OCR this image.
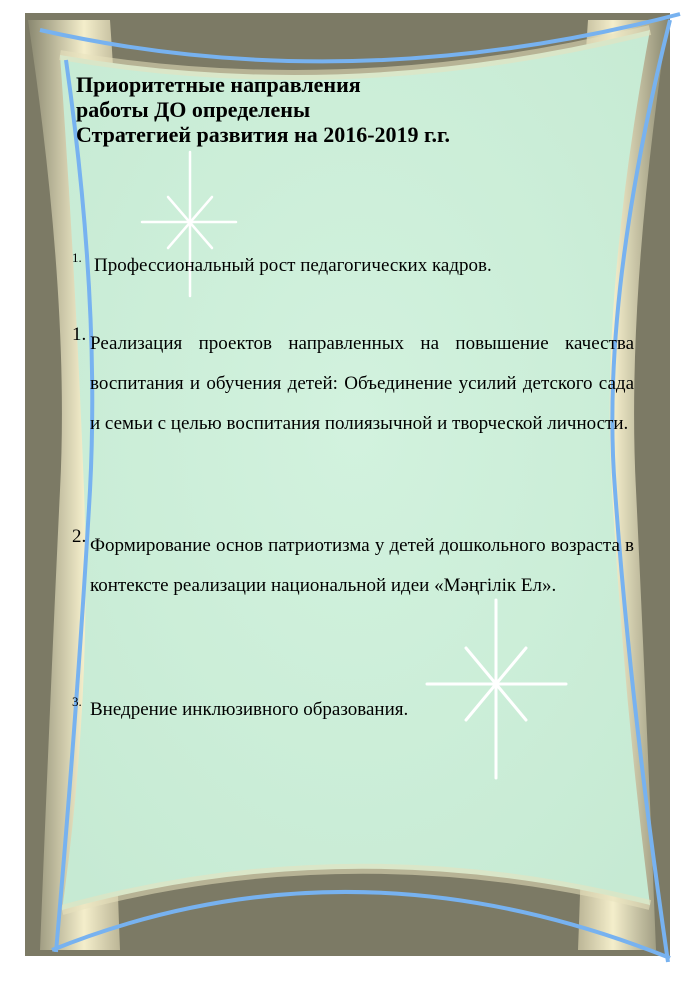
Приоритетные направления
работы ДО определены
Стратегией развития на 2016-2019 г.г.
1. Профессиональный рост педагогических кадров.
1. Реализация проектов направленных на повышение качества воспитания и обучения детей: Объединение усилий детского сада и семьи с целью воспитания полиязычной и творческой личности.
2. Формирование основ патриотизма у детей дошкольного возраста в контексте реализации национальной идеи «Мәңгілік Ел».
3. Внедрение инклюзивного образования.
